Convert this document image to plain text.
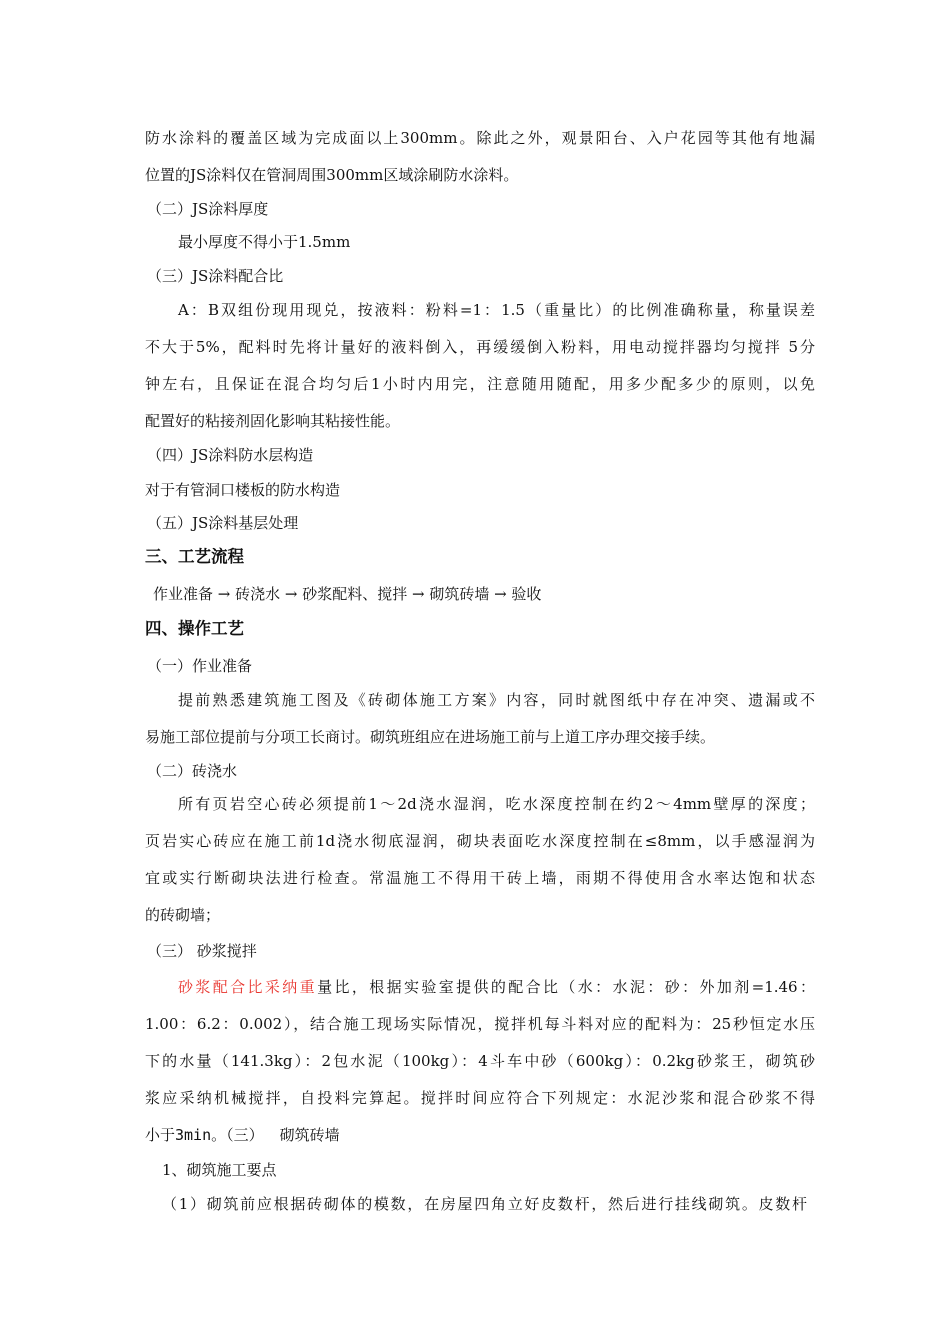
防水涂料的覆盖区域为完成面以上300mm。除此之外，观景阳台、入户花园等其他有地漏
位置的JS涂料仅在管洞周围300mm区域涂刷防水涂料。
（二）JS涂料厚度
最小厚度不得小于1.5mm
（三）JS涂料配合比
A：B双组份现用现兑，按液料：粉料=1：1.5（重量比）的比例准确称量，称量误差
不大于5%，配料时先将计量好的液料倒入，再缓缓倒入粉料，用电动搅拌器均匀搅拌 5分
钟左右，且保证在混合均匀后1小时内用完，注意随用随配，用多少配多少的原则，以免
配置好的粘接剂固化影响其粘接性能。
（四）JS涂料防水层构造
对于有管洞口楼板的防水构造
（五）JS涂料基层处理
三、工艺流程
作业准备 → 砖浇水 → 砂浆配料、搅拌 → 砌筑砖墙 → 验收
四、操作工艺
（一）作业准备
提前熟悉建筑施工图及《砖砌体施工方案》内容，同时就图纸中存在冲突、遗漏或不
易施工部位提前与分项工长商讨。砌筑班组应在进场施工前与上道工序办理交接手续。
（二）砖浇水
所有页岩空心砖必须提前1～2d浇水湿润，吃水深度控制在约2～4mm壁厚的深度；
页岩实心砖应在施工前1d浇水彻底湿润，砌块表面吃水深度控制在≤8mm，以手感湿润为
宜或实行断砌块法进行检查。常温施工不得用干砖上墙，雨期不得使用含水率达饱和状态
的砖砌墙；
（三） 砂浆搅拌
砂浆配合比采纳重量比，根据实验室提供的配合比（水：水泥：砂：外加剂=1.46：
1.00：6.2：0.002），结合施工现场实际情况，搅拌机每斗料对应的配料为：25秒恒定水压
下的水量（141.3kg）：2包水泥（100kg）：4斗车中砂（600kg）：0.2kg砂浆王，砌筑砂
浆应采纳机械搅拌，自投料完算起。搅拌时间应符合下列规定：水泥沙浆和混合砂浆不得
小于3min。（三） 砌筑砖墙
1、砌筑施工要点
（1）砌筑前应根据砖砌体的模数，在房屋四角立好皮数杆，然后进行挂线砌筑。皮数杆
